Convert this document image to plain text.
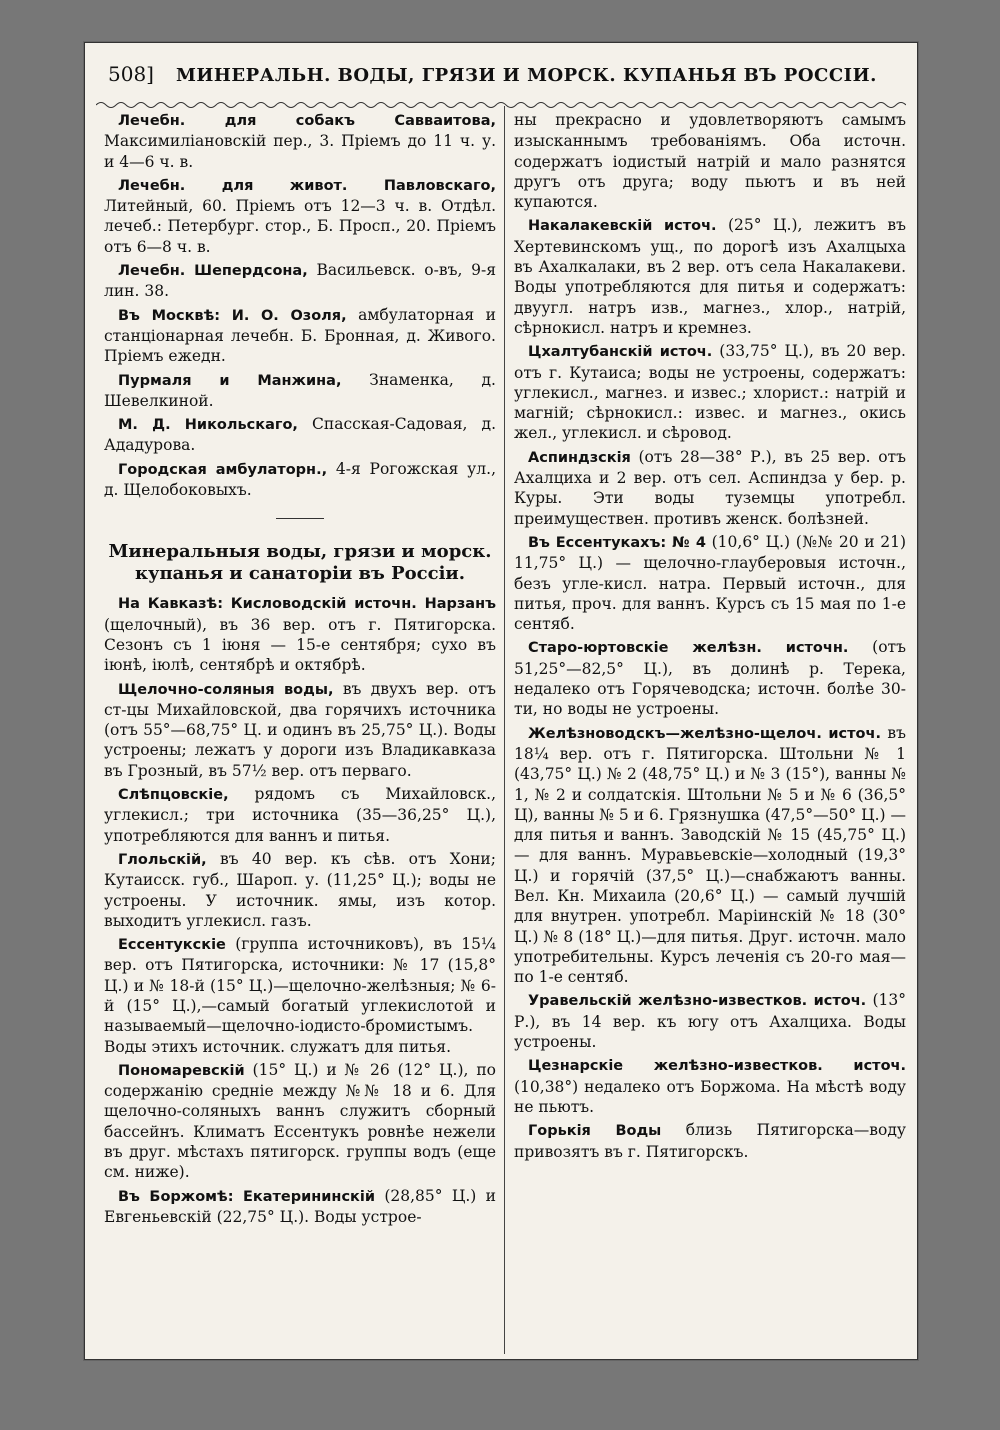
508] МИНЕРАЛЬН. ВОДЫ, ГРЯЗИ И МОРСК. КУПАНЬЯ ВЪ РОССІИ.

Лечебн. для собакъ Савваитова, Максимиліановскій пер., 3. Пріемъ до 11 ч. у. и 4—6 ч. в.

Лечебн. для живот. Павловскаго, Литейный, 60. Пріемъ отъ 12—3 ч. в. Отдѣл. лечеб.: Петербург. стор., Б. Просп., 20. Пріемъ отъ 6—8 ч. в.

Лечебн. Шепердсона, Васильевск. о-въ, 9-я лин. 38.

Въ Москвѣ: И. О. Озоля, амбулаторная и станціонарная лечебн. Б. Бронная, д. Живого. Пріемъ ежедн.

Пурмаля и Манжина, Знаменка, д. Шевелкиной.

М. Д. Никольскаго, Спасская-Садовая, д. Ададурова.

Городская амбулаторн., 4-я Рогожская ул., д. Щелобоковыхъ.

Минеральныя воды, грязи и морск. купанья и санаторіи въ Россіи.

На Кавказѣ: Кисловодскій источн. Нарзанъ (щелочный), въ 36 вер. отъ г. Пятигорска. Сезонъ съ 1 іюня — 15-е сентября; сухо въ іюнѣ, іюлѣ, сентябрѣ и октябрѣ.

Щелочно-соляныя воды, въ двухъ вер. отъ ст-цы Михайловской, два горячихъ источника (отъ 55°—68,75° Ц. и одинъ въ 25,75° Ц.). Воды устроены; лежатъ у дороги изъ Владикавказа въ Грозный, въ 57½ вер. отъ перваго.

Слѣпцовскіе, рядомъ съ Михайловск., углекисл.; три источника (35—36,25° Ц.), употребляются для ваннъ и питья.

Глольскій, въ 40 вер. къ сѣв. отъ Хони; Кутаисск. губ., Шароп. у. (11,25° Ц.); воды не устроены. У источник. ямы, изъ котор. выходитъ углекисл. газъ.

Ессентукскіе (группа источниковъ), въ 15¼ вер. отъ Пятигорска, источники: № 17 (15,8° Ц.) и № 18-й (15° Ц.)—щелочно-желѣзныя; № 6-й (15° Ц.),—самый богатый углекислотой и называемый—щелочно-іодисто-бромистымъ. Воды этихъ источник. служатъ для питья.

Пономаревскій (15° Ц.) и № 26 (12° Ц.), по содержанію средніе между №№ 18 и 6. Для щелочно-соляныхъ ваннъ служитъ сборный бассейнъ. Климатъ Ессентукъ ровнѣе нежели въ друг. мѣстахъ пятигорск. группы водъ (еще см. ниже).

Въ Боржомѣ: Екатерининскій (28,85° Ц.) и Евгеньевскій (22,75° Ц.). Воды устрое-

ны прекрасно и удовлетворяютъ самымъ изысканнымъ требованіямъ. Оба источн. содержатъ іодистый натрій и мало разнятся другъ отъ друга; воду пьютъ и въ ней купаются.

Накалакевскій источ. (25° Ц.), лежитъ въ Хертевинскомъ ущ., по дорогѣ изъ Ахалцыха въ Ахалкалаки, въ 2 вер. отъ села Накалакеви. Воды употребляются для питья и содержатъ: двуугл. натръ изв., магнез., хлор., натрій, сѣрнокисл. натръ и кремнез.

Цхалтубанскій источ. (33,75° Ц.), въ 20 вер. отъ г. Кутаиса; воды не устроены, содержатъ: углекисл., магнез. и извес.; хлорист.: натрій и магній; сѣрнокисл.: извес. и магнез., окись жел., углекисл. и сѣровод.

Аспиндзскія (отъ 28—38° Р.), въ 25 вер. отъ Ахалциха и 2 вер. отъ сел. Аспиндза у бер. р. Куры. Эти воды туземцы употребл. преимуществен. противъ женск. болѣзней.

Въ Ессентукахъ: № 4 (10,6° Ц.) (№№ 20 и 21) 11,75° Ц.) — щелочно-глауберовыя источн., безъ угле-кисл. натра. Первый источн., для питья, проч. для ваннъ. Курсъ съ 15 мая по 1-е сентяб.

Старо-юртовскіе желѣзн. источн. (отъ 51,25°—82,5° Ц.), въ долинѣ р. Терека, недалеко отъ Горячеводска; источн. болѣе 30-ти, но воды не устроены.

Желѣзноводскъ—желѣзно-щелоч. источ. въ 18¼ вер. отъ г. Пятигорска. Штольни № 1 (43,75° Ц.) № 2 (48,75° Ц.) и № 3 (15°), ванны № 1, № 2 и солдатскія. Штольни № 5 и № 6 (36,5° Ц), ванны № 5 и 6. Грязнушка (47,5°—50° Ц.) — для питья и ваннъ. Заводскій № 15 (45,75° Ц.) — для ваннъ. Муравьевскіе—холодный (19,3° Ц.) и горячій (37,5° Ц.)—снабжаютъ ванны. Вел. Кн. Михаила (20,6° Ц.) — самый лучшій для внутрен. употребл. Маріинскій № 18 (30° Ц.) № 8 (18° Ц.)—для питья. Друг. источн. мало употребительны. Курсъ леченія съ 20-го мая—по 1-е сентяб.

Уравельскій желѣзно-известков. источ. (13° Р.), въ 14 вер. къ югу отъ Ахалциха. Воды устроены.

Цезнарскіе желѣзно-известков. источ. (10,38°) недалеко отъ Боржома. На мѣстѣ воду не пьютъ.

Горькія Воды близь Пятигорска—воду привозятъ въ г. Пятигорскъ.
